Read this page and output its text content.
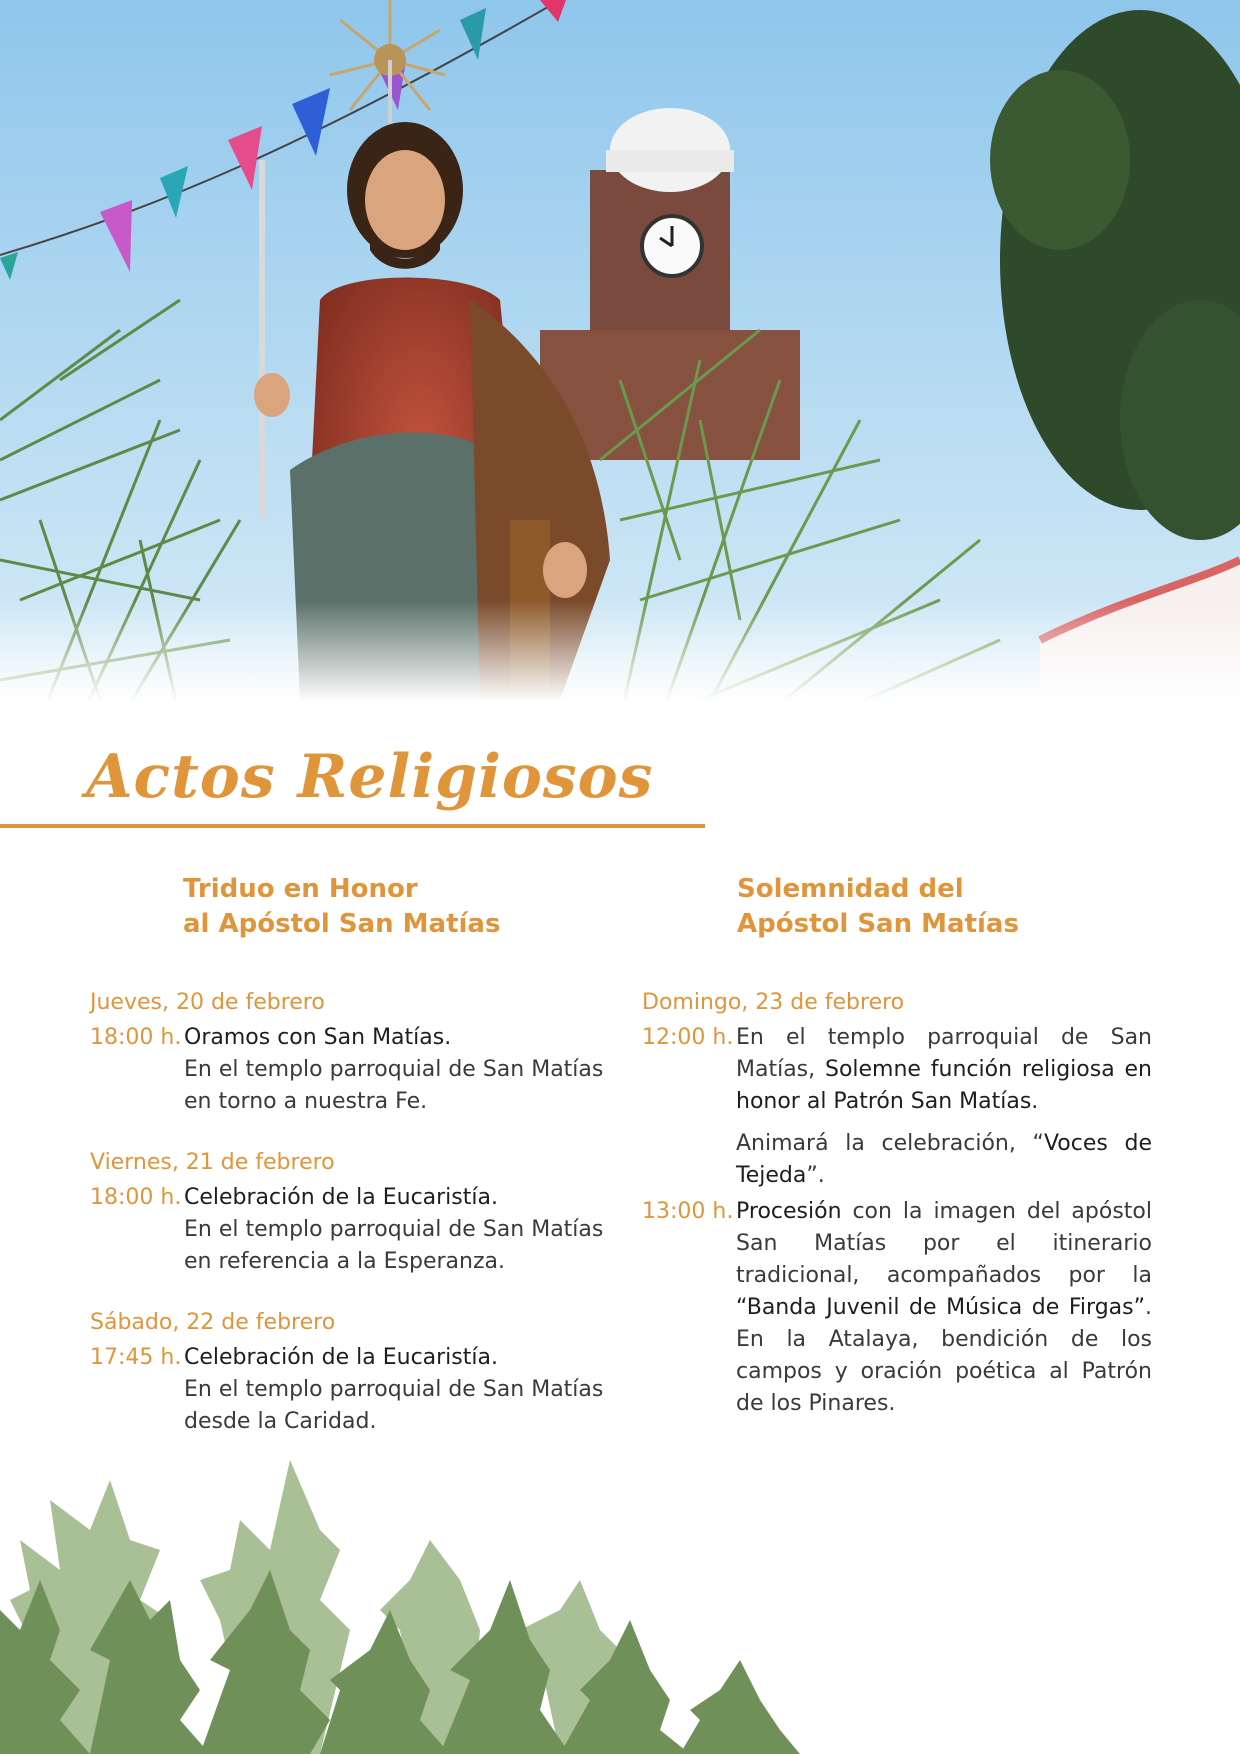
Actos Religiosos
Triduo en Honor
al Apóstol San Matías
Jueves, 20 de febrero
18:00 h. Oramos con San Matías.
En el templo parroquial de San Matías
en torno a nuestra Fe.
Viernes, 21 de febrero
18:00 h. Celebración de la Eucaristía.
En el templo parroquial de San Matías
en referencia a la Esperanza.
Sábado, 22 de febrero
17:45 h. Celebración de la Eucaristía.
En el templo parroquial de San Matías
desde la Caridad.
Solemnidad del
Apóstol San Matías
Domingo, 23 de febrero
12:00 h. En el templo parroquial de San Matías, Solemne función religiosa en honor al Patrón San Matías.
Animará la celebración, “Voces de Tejeda”.
13:00 h. Procesión con la imagen del apóstol San Matías por el itinerario tradicional, acompañados por la “Banda Juvenil de Música de Firgas”. En la Atalaya, bendición de los campos y oración poética al Patrón de los Pinares.
